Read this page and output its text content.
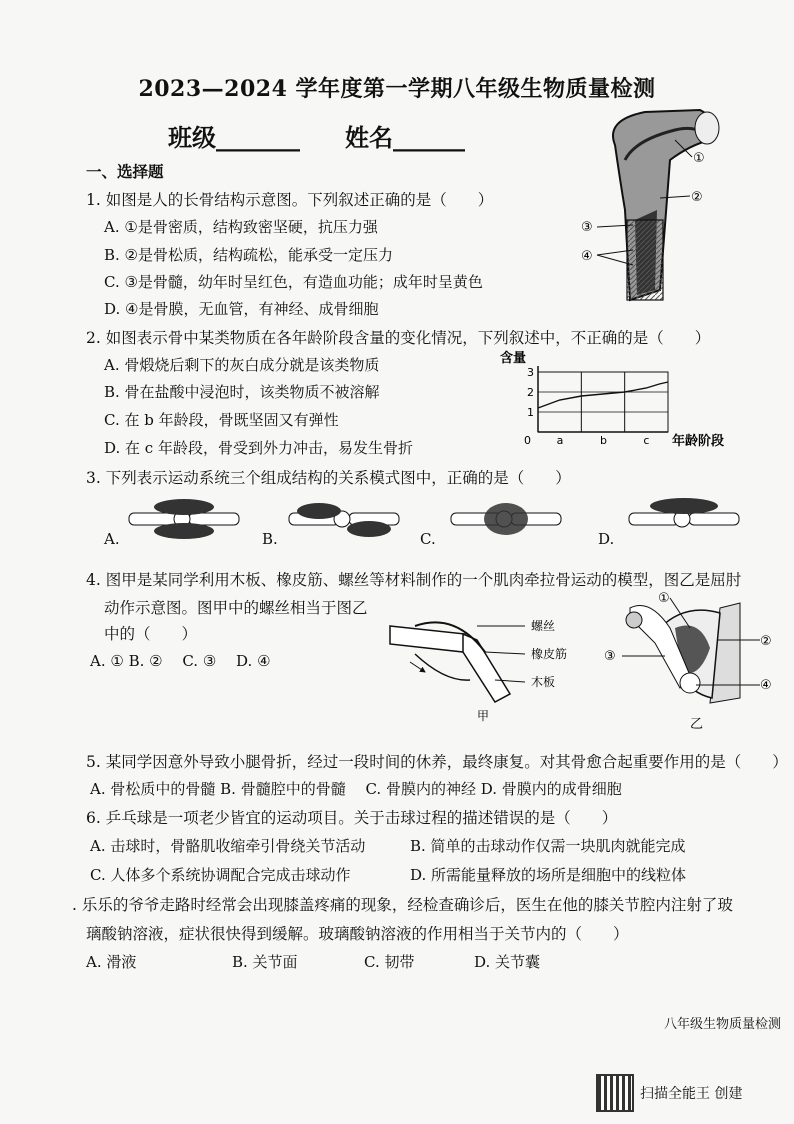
2023—2024 学年度第一学期八年级生物质量检测
班级_______ 姓名______
一、选择题
1. 如图是人的长骨结构示意图。下列叙述正确的是（　　）
A. ①是骨密质，结构致密坚硬，抗压力强
B. ②是骨松质，结构疏松，能承受一定压力
C. ③是骨髓，幼年时呈红色，有造血功能；成年时呈黄色
D. ④是骨膜，无血管，有神经、成骨细胞
①
②
③
④
2. 如图表示骨中某类物质在各年龄阶段含量的变化情况，下列叙述中，不正确的是（　　）
A. 骨煅烧后剩下的灰白成分就是该类物质
B. 骨在盐酸中浸泡时，该类物质不被溶解
C. 在 b 年龄段，骨既坚固又有弹性
D. 在 c 年龄段，骨受到外力冲击，易发生骨折
含量
年龄阶段
0
1
2
3
a	b	c
3. 下列表示运动系统三个组成结构的关系模式图中，正确的是（　　）
A.	B.	C.	D.
4. 图甲是某同学利用木板、橡皮筋、螺丝等材料制作的一个肌肉牵拉骨运动的模型，图乙是屈肘
动作示意图。图甲中的螺丝相当于图乙
中的（　　）
A. ① B. ②　 C. ③　 D. ④
螺丝
橡皮筋
木板
甲
①
②
③
④
乙
5. 某同学因意外导致小腿骨折，经过一段时间的休养，最终康复。对其骨愈合起重要作用的是（　　）
A. 骨松质中的骨髓 B. 骨髓腔中的骨髓　 C. 骨膜内的神经 D. 骨膜内的成骨细胞
6. 乒乓球是一项老少皆宜的运动项目。关于击球过程的描述错误的是（　　）
A. 击球时，骨骼肌收缩牵引骨绕关节活动	B. 简单的击球动作仅需一块肌肉就能完成
C. 人体多个系统协调配合完成击球动作	D. 所需能量释放的场所是细胞中的线粒体
. 乐乐的爷爷走路时经常会出现膝盖疼痛的现象，经检查确诊后，医生在他的膝关节腔内注射了玻
璃酸钠溶液，症状很快得到缓解。玻璃酸钠溶液的作用相当于关节内的（　　）
A. 滑液	B. 关节面	C. 韧带	D. 关节囊
八年级生物质量检测
扫描全能王 创建
